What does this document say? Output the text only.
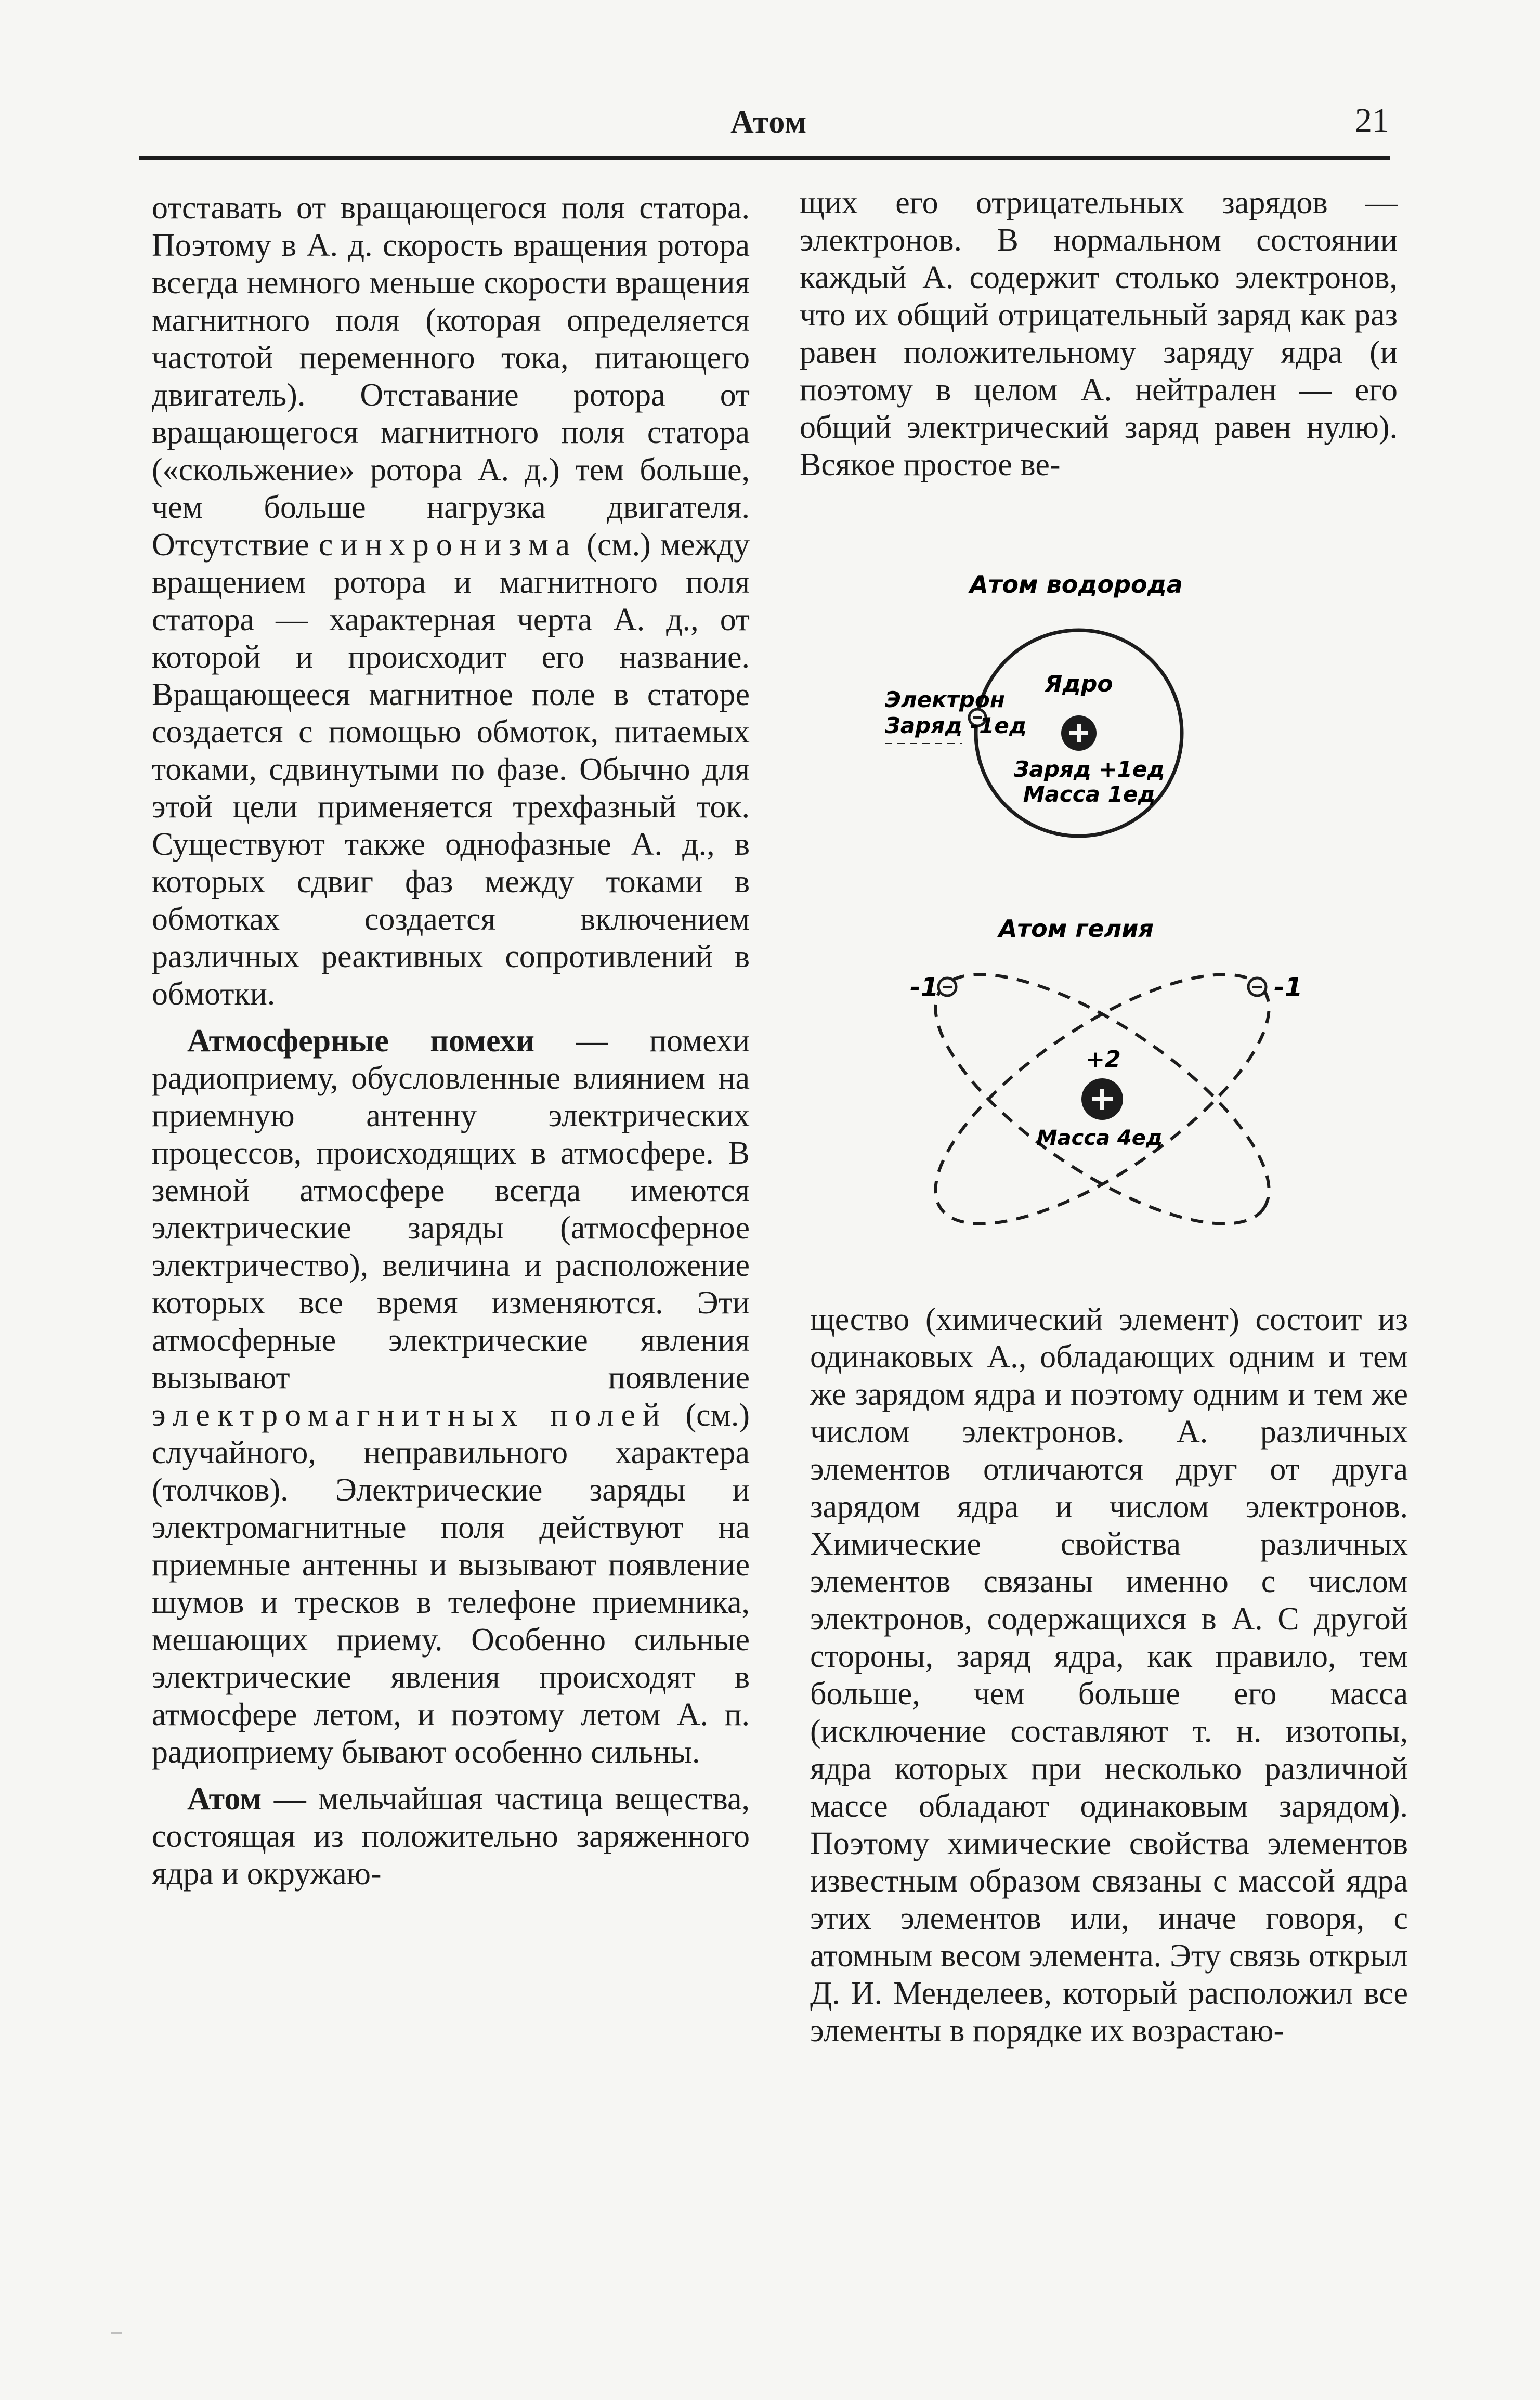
Атом	21

отставать от вращающегося поля статора. Поэтому в А. д. скорость вращения ротора всегда немного меньше скорости вращения магнитного поля (которая определяется частотой переменного тока, питающего двигатель). Отставание ротора от вращающегося магнитного поля статора («скольжение» ротора А. д.) тем больше, чем больше нагрузка двигателя. Отсутствие синхронизма (см.) между вращением ротора и магнитного поля статора — характерная черта А. д., от которой и происходит его название. Вращающееся магнитное поле в статоре создается с помощью обмоток, питаемых токами, сдвинутыми по фазе. Обычно для этой цели применяется трехфазный ток. Существуют также однофазные А. д., в которых сдвиг фаз между токами в обмотках создается включением различных реактивных сопротивлений в обмотки.

Атмосферные помехи — помехи радиоприему, обусловленные влиянием на приемную антенну электрических процессов, происходящих в атмосфере. В земной атмосфере всегда имеются электрические заряды (атмосферное электричество), величина и расположение которых все время изменяются. Эти атмосферные электрические явления вызывают появление электромагнитных полей (см.) случайного, неправильного характера (толчков). Электрические заряды и электромагнитные поля действуют на приемные антенны и вызывают появление шумов и тресков в телефоне приемника, мешающих приему. Особенно сильные электрические явления происходят в атмосфере летом, и поэтому летом А. п. радиоприему бывают особенно сильны.

Атом — мельчайшая частица вещества, состоящая из положительно заряженного ядра и окружаю-

щих его отрицательных зарядов — электронов. В нормальном состоянии каждый А. содержит столько электронов, что их общий отрицательный заряд как раз равен положительному заряду ядра (и поэтому в целом А. нейтрален — его общий электрический заряд равен нулю). Всякое простое ве-

Атом водорода
Ядро
Заряд +1ед
Масса 1ед
Электрон
Заряд -1ед
Атом гелия
+2
Масса 4ед
-1	-1

щество (химический элемент) состоит из одинаковых А., обладающих одним и тем же зарядом ядра и поэтому одним и тем же числом электронов. А. различных элементов отличаются друг от друга зарядом ядра и числом электронов. Химические свойства различных элементов связаны именно с числом электронов, содержащихся в А. С другой стороны, заряд ядра, как правило, тем больше, чем больше его масса (исключение составляют т. н. изотопы, ядра которых при несколько различной массе обладают одинаковым зарядом). Поэтому химические свойства элементов известным образом связаны с массой ядра этих элементов или, иначе говоря, с атомным весом элемента. Эту связь открыл Д. И. Менделеев, который расположил все элементы в порядке их возрастаю-

–
